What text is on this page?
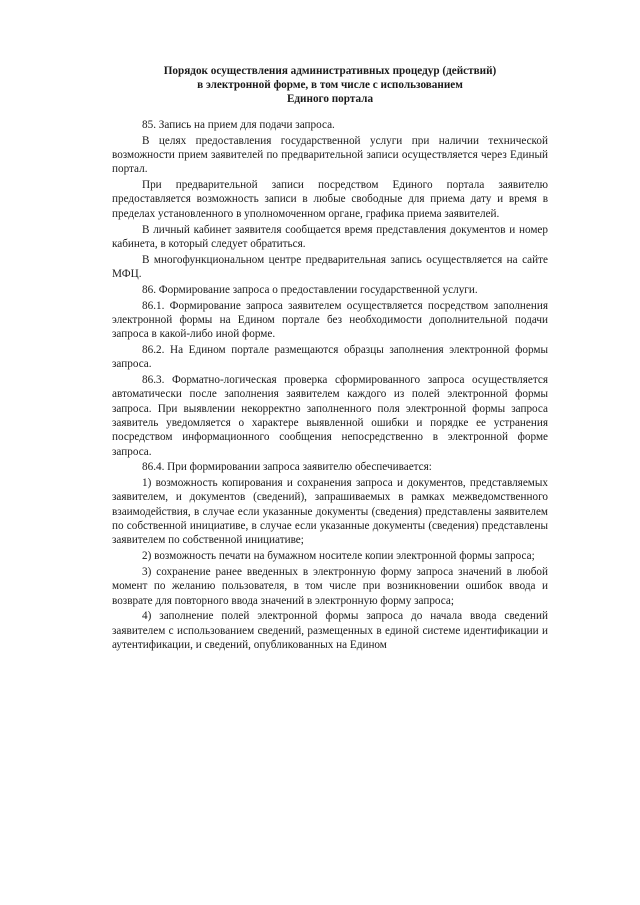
Порядок осуществления административных процедур (действий)
в электронной форме, в том числе с использованием
Единого портала

85. Запись на прием для подачи запроса.

В целях предоставления государственной услуги при наличии технической возможности прием заявителей по предварительной записи осуществляется через Единый портал.

При предварительной записи посредством Единого портала заявителю предоставляется возможность записи в любые свободные для приема дату и время в пределах установленного в уполномоченном органе, графика приема заявителей.

В личный кабинет заявителя сообщается время представления документов и номер кабинета, в который следует обратиться.

В многофункциональном центре предварительная запись осуществляется на сайте МФЦ.

86. Формирование запроса о предоставлении государственной услуги.

86.1. Формирование запроса заявителем осуществляется посредством заполнения электронной формы на Едином портале без необходимости дополнительной подачи запроса в какой-либо иной форме.

86.2. На Едином портале размещаются образцы заполнения электронной формы запроса.

86.3. Форматно-логическая проверка сформированного запроса осуществляется автоматически после заполнения заявителем каждого из полей электронной формы запроса. При выявлении некорректно заполненного поля электронной формы запроса заявитель уведомляется о характере выявленной ошибки и порядке ее устранения посредством информационного сообщения непосредственно в электронной форме запроса.

86.4. При формировании запроса заявителю обеспечивается:

1) возможность копирования и сохранения запроса и документов, представляемых заявителем, и документов (сведений), запрашиваемых в рамках межведомственного взаимодействия, в случае если указанные документы (сведения) представлены заявителем по собственной инициативе, в случае если указанные документы (сведения) представлены заявителем по собственной инициативе;

2) возможность печати на бумажном носителе копии электронной формы запроса;

3) сохранение ранее введенных в электронную форму запроса значений в любой момент по желанию пользователя, в том числе при возникновении ошибок ввода и возврате для повторного ввода значений в электронную форму запроса;

4) заполнение полей электронной формы запроса до начала ввода сведений заявителем с использованием сведений, размещенных в единой системе идентификации и аутентификации, и сведений, опубликованных на Едином
